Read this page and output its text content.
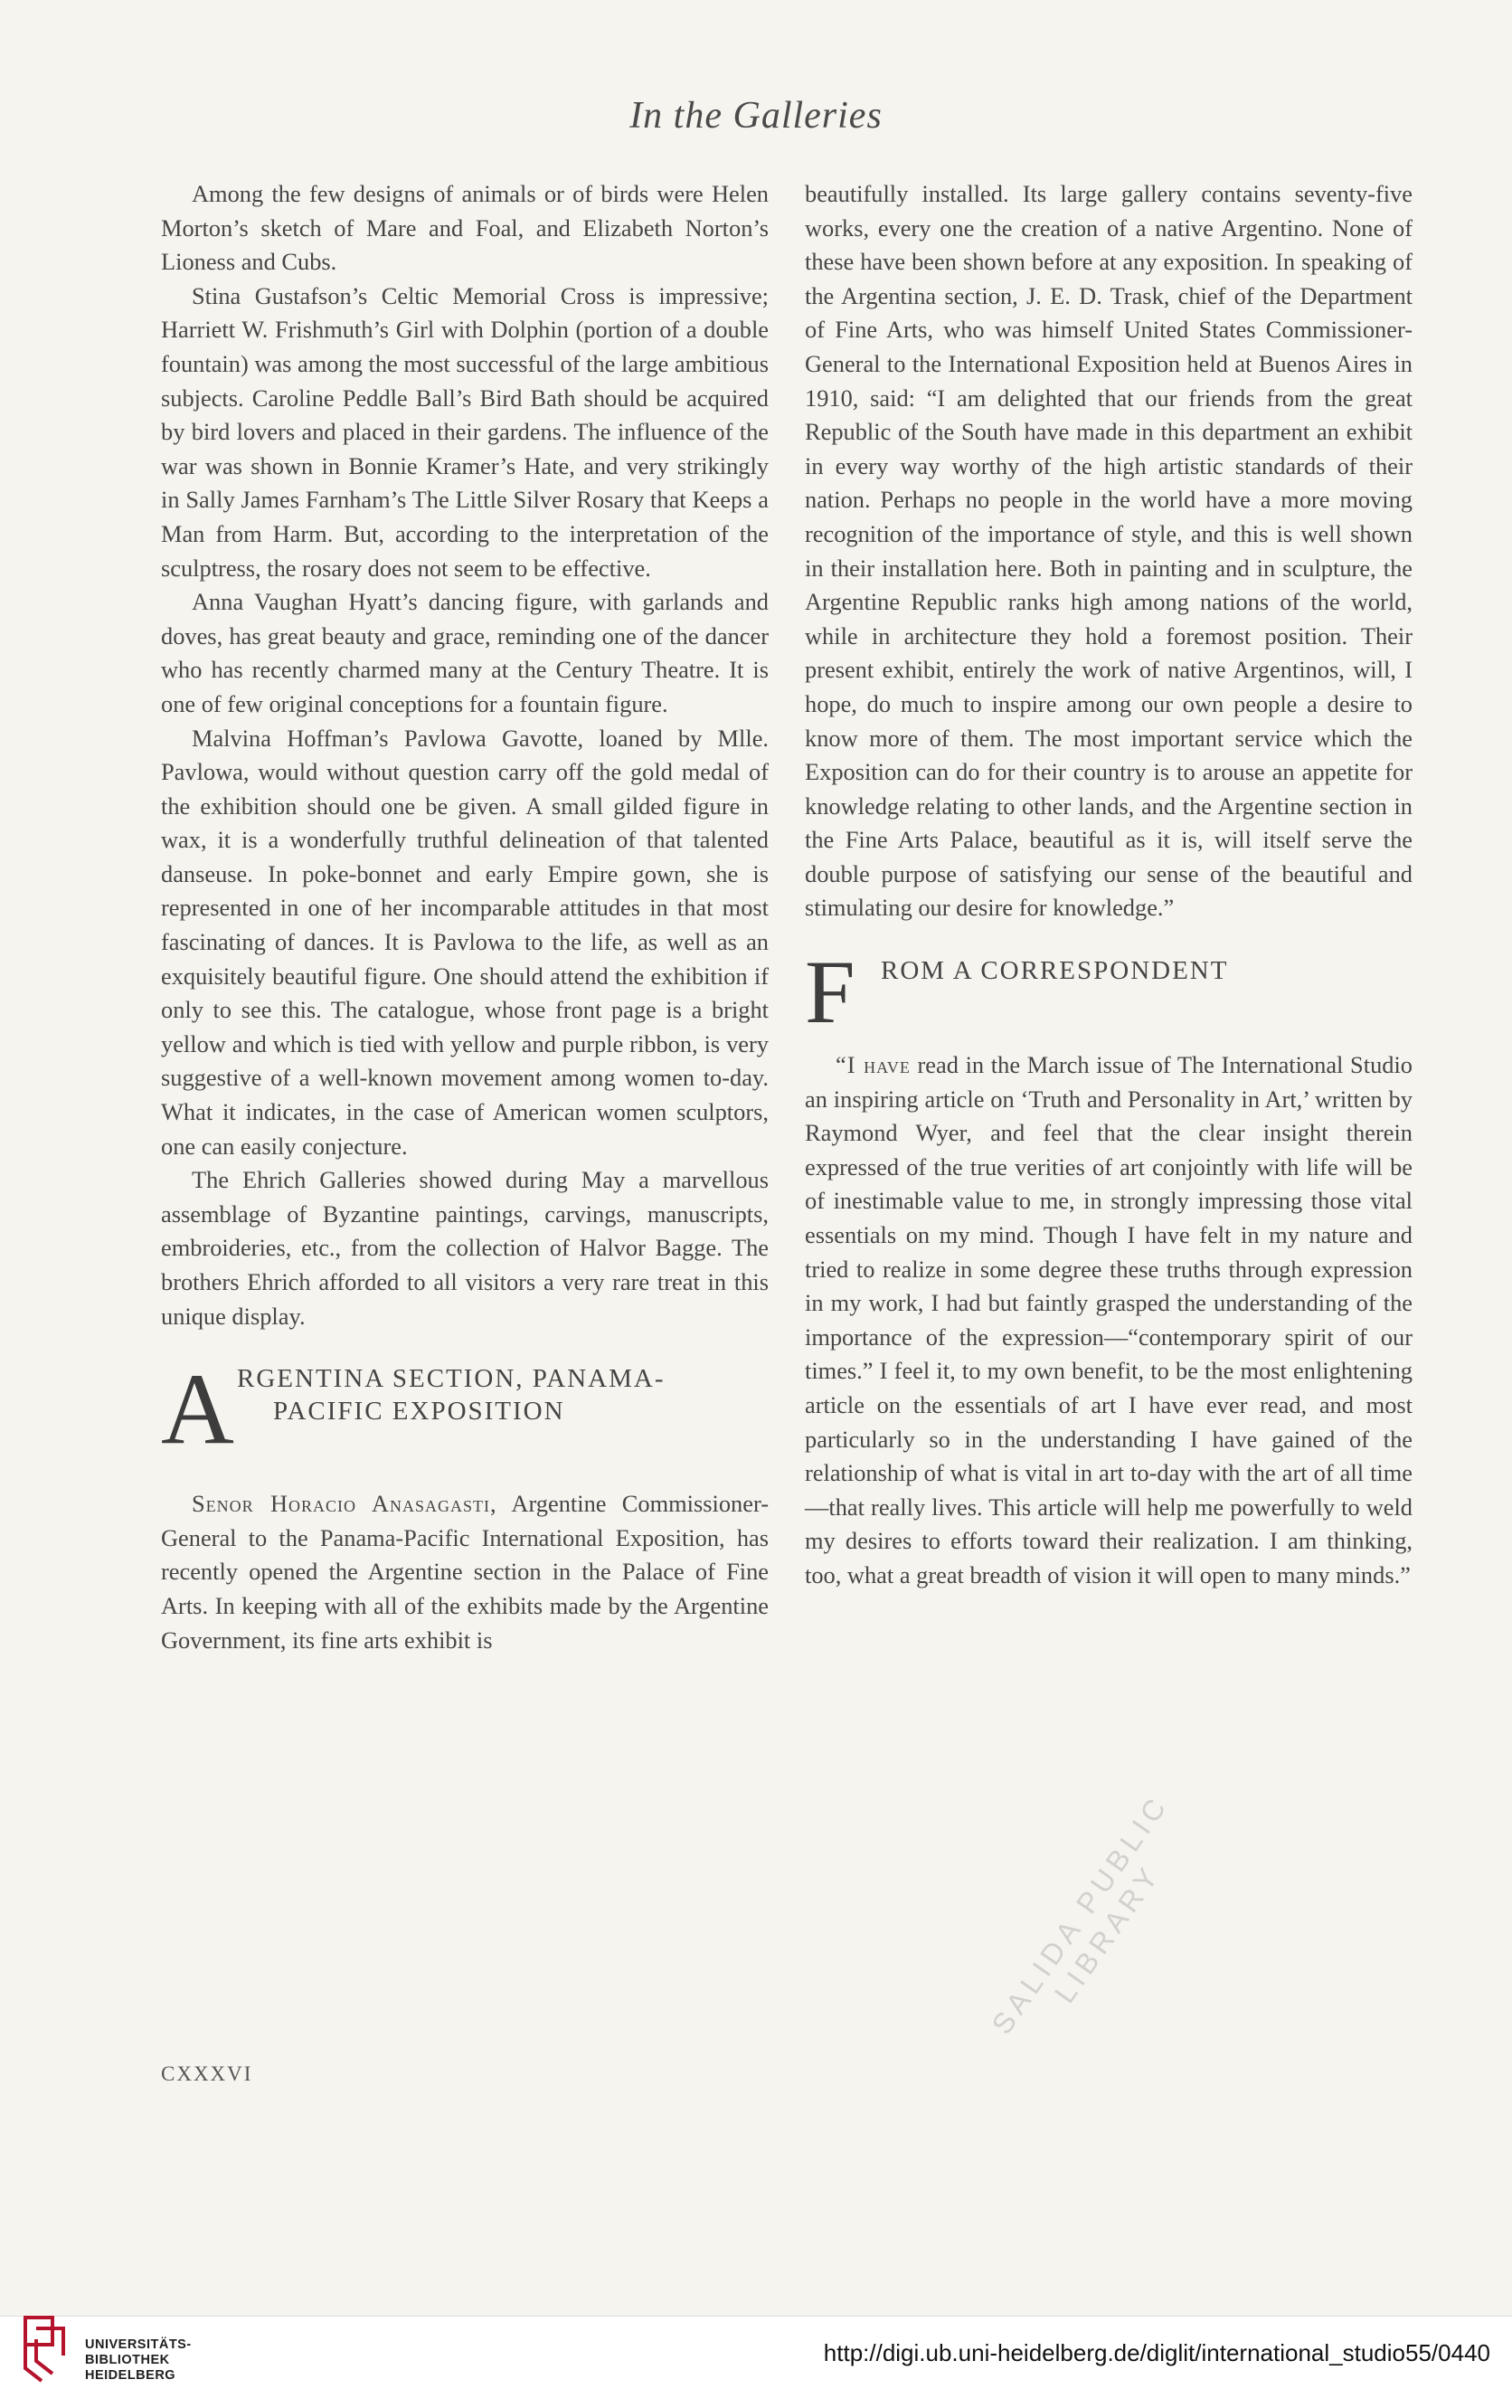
In the Galleries

Among the few designs of animals or of birds were Helen Morton’s sketch of Mare and Foal, and Elizabeth Norton’s Lioness and Cubs.

Stina Gustafson’s Celtic Memorial Cross is impressive; Harriett W. Frishmuth’s Girl with Dolphin (portion of a double fountain) was among the most successful of the large ambitious subjects. Caroline Peddle Ball’s Bird Bath should be acquired by bird lovers and placed in their gardens. The influence of the war was shown in Bonnie Kramer’s Hate, and very strikingly in Sally James Farnham’s The Little Silver Rosary that Keeps a Man from Harm. But, according to the interpretation of the sculptress, the rosary does not seem to be effective.

Anna Vaughan Hyatt’s dancing figure, with garlands and doves, has great beauty and grace, reminding one of the dancer who has recently charmed many at the Century Theatre. It is one of few original conceptions for a fountain figure.

Malvina Hoffman’s Pavlowa Gavotte, loaned by Mlle. Pavlowa, would without question carry off the gold medal of the exhibition should one be given. A small gilded figure in wax, it is a wonderfully truthful delineation of that talented danseuse. In poke-bonnet and early Empire gown, she is represented in one of her incomparable attitudes in that most fascinating of dances. It is Pavlowa to the life, as well as an exquisitely beautiful figure. One should attend the exhibition if only to see this. The catalogue, whose front page is a bright yellow and which is tied with yellow and purple ribbon, is very suggestive of a well-known movement among women to-day. What it indicates, in the case of American women sculptors, one can easily conjecture.

The Ehrich Galleries showed during May a marvellous assemblage of Byzantine paintings, carvings, manuscripts, embroideries, etc., from the collection of Halvor Bagge. The brothers Ehrich afforded to all visitors a very rare treat in this unique display.

A RGENTINA SECTION, PANAMA-
PACIFIC EXPOSITION

Senor Horacio Anasagasti, Argentine Commissioner-General to the Panama-Pacific International Exposition, has recently opened the Argentine section in the Palace of Fine Arts. In keeping with all of the exhibits made by the Argentine Government, its fine arts exhibit is

CXXXVI

beautifully installed. Its large gallery contains seventy-five works, every one the creation of a native Argentino. None of these have been shown before at any exposition. In speaking of the Argentina section, J. E. D. Trask, chief of the Department of Fine Arts, who was himself United States Commissioner-General to the International Exposition held at Buenos Aires in 1910, said: “I am delighted that our friends from the great Republic of the South have made in this department an exhibit in every way worthy of the high artistic standards of their nation. Perhaps no people in the world have a more moving recognition of the importance of style, and this is well shown in their installation here. Both in painting and in sculpture, the Argentine Republic ranks high among nations of the world, while in architecture they hold a foremost position. Their present exhibit, entirely the work of native Argentinos, will, I hope, do much to inspire among our own people a desire to know more of them. The most important service which the Exposition can do for their country is to arouse an appetite for knowledge relating to other lands, and the Argentine section in the Fine Arts Palace, beautiful as it is, will itself serve the double purpose of satisfying our sense of the beautiful and stimulating our desire for knowledge.”

F ROM A CORRESPONDENT

“I have read in the March issue of The International Studio an inspiring article on ‘Truth and Personality in Art,’ written by Raymond Wyer, and feel that the clear insight therein expressed of the true verities of art conjointly with life will be of inestimable value to me, in strongly impressing those vital essentials on my mind. Though I have felt in my nature and tried to realize in some degree these truths through expression in my work, I had but faintly grasped the understanding of the importance of the expression—“contemporary spirit of our times.” I feel it, to my own benefit, to be the most enlightening article on the essentials of art I have ever read, and most particularly so in the understanding I have gained of the relationship of what is vital in art to-day with the art of all time—that really lives. This article will help me powerfully to weld my desires to efforts toward their realization. I am thinking, too, what a great breadth of vision it will open to many minds.”

SALIDA PUBLIC LIBRARY
UNIVERSITÄTS-
BIBLIOTHEK
HEIDELBERG
http://digi.ub.uni-heidelberg.de/diglit/international_studio55/0440
